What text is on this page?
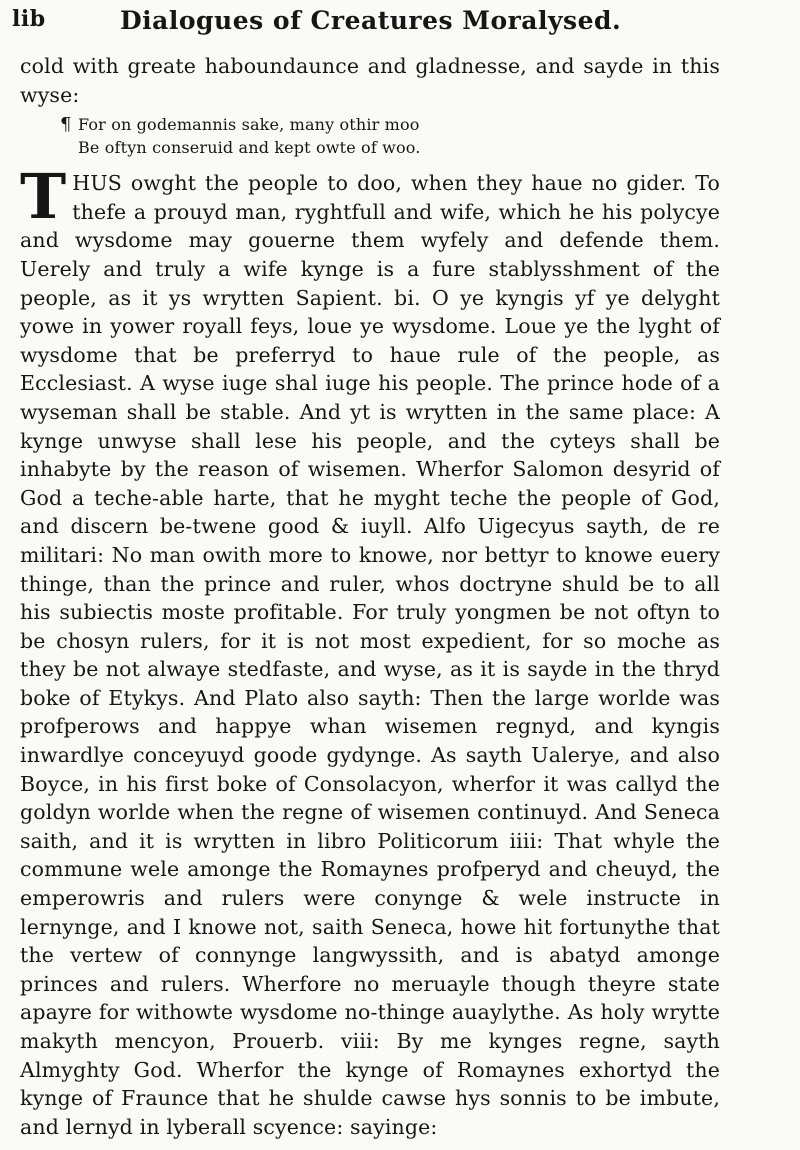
lib	Dialogues of Creatures Moralysed.
cold with greate haboundaunce and gladnesse, and sayde in this
wyse:
¶ For on godemannis sake, many othir moo
Be oftyn conseruid and kept owte of woo.
T HUS owght the people to doo, when they haue no gider. To thefe a prouyd man, ryghtfull and wife, which he his polycye and wysdome may gouerne them wyfely and defende them. Uerely and truly a wife kynge is a fure stablysshment of the people, as it ys wrytten Sapient. bi. O ye kyngis yf ye delyght yowe in yower royall feys, loue ye wysdome. Loue ye the lyght of wysdome that be preferryd to haue rule of the people, as Ecclesiast. A wyse iuge shal iuge his people. The prince hode of a wyseman shall be stable. And yt is wrytten in the same place: A kynge unwyse shall lese his people, and the cyteys shall be inhabyte by the reason of wisemen. Wherfor Salomon desyrid of God a teche-able harte, that he myght teche the people of God, and discern be-twene good & iuyll. Alfo Uigecyus sayth, de re militari: No man owith more to knowe, nor bettyr to knowe euery thinge, than the prince and ruler, whos doctryne shuld be to all his subiectis moste profitable. For truly yongmen be not oftyn to be chosyn rulers, for it is not most expedient, for so moche as they be not alwaye stedfaste, and wyse, as it is sayde in the thryd boke of Etykys. And Plato also sayth: Then the large worlde was profperows and happye whan wisemen regnyd, and kyngis inwardlye conceyuyd goode gydynge. As sayth Ualerye, and also Boyce, in his first boke of Consolacyon, wherfor it was callyd the goldyn worlde when the regne of wisemen continuyd. And Seneca saith, and it is wrytten in libro Politicorum iiii: That whyle the commune wele amonge the Romaynes profperyd and cheuyd, the emperowris and rulers were conynge & wele instructe in lernynge, and I knowe not, saith Seneca, howe hit fortunythe that the vertew of connynge langwyssith, and is abatyd amonge princes and rulers. Wherfore no meruayle though theyre state apayre for withowte wysdome no-thinge auaylythe. As holy wrytte makyth mencyon, Prouerb. viii: By me kynges regne, sayth Almyghty God. Wherfor the kynge of Romaynes exhortyd the kynge of Fraunce that he shulde cawse hys sonnis to be imbute, and lernyd in lyberall scyence: sayinge:
